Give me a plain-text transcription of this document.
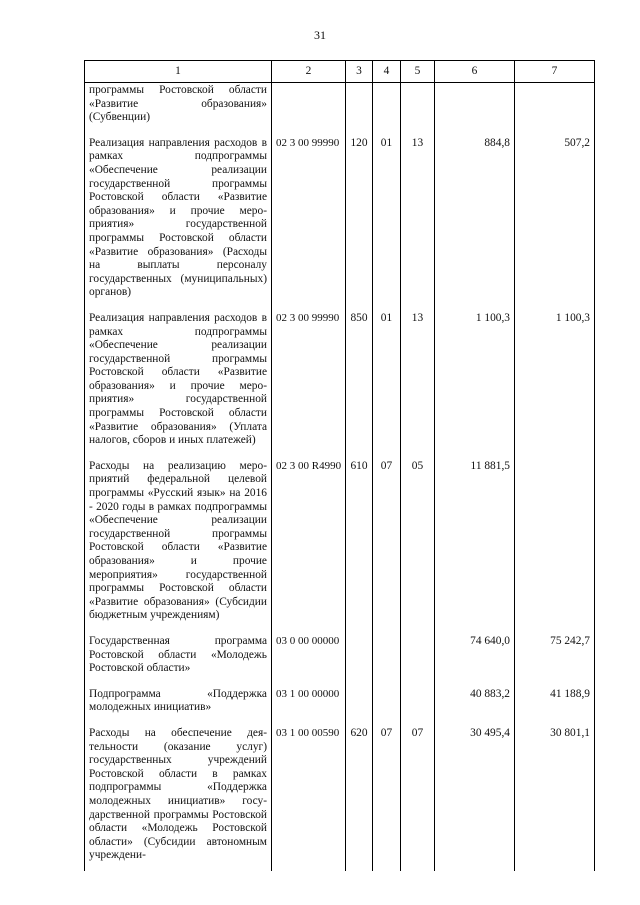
31
1	2	3	4	5	6	7
программы Ростовской области «Развитие образования» (Субвенции)						
Реализация направления расходов в рамках подпрограммы «Обеспечение реализации государственной программы Ростовской области «Развитие образования» и прочие мероприятия» государственной программы Ростовской области «Развитие образования» (Расходы на выплаты персоналу государственных (муниципальных) органов)	02 3 00 99990	120	01	13	884,8	507,2
Реализация направления расходов в рамках подпрограммы «Обеспечение реализации государственной программы Ростовской области «Развитие образования» и прочие мероприятия» государственной программы Ростовской области «Развитие образования» (Уплата налогов, сборов и иных платежей)	02 3 00 99990	850	01	13	1 100,3	1 100,3
Расходы на реализацию мероприятий федеральной целевой программы «Русский язык» на 2016 - 2020 годы в рамках подпрограммы «Обеспечение реализации государственной программы Ростовской области «Развитие образования» и прочие мероприятия» государственной программы Ростовской области «Развитие образования» (Субсидии бюджетным учреждениям)	02 3 00 R4990	610	07	05	11 881,5	
Государственная программа Ростовской области «Молодежь Ростовской области»	03 0 00 00000				74 640,0	75 242,7
Подпрограмма «Поддержка молодежных инициатив»	03 1 00 00000				40 883,2	41 188,9
Расходы на обеспечение деятельности (оказание услуг) государственных учреждений Ростовской области в рамках подпрограммы «Поддержка молодежных инициатив» государственной программы Ростовской области «Молодежь Ростовской области» (Субсидии автономным учреждени-	03 1 00 00590	620	07	07	30 495,4	30 801,1
